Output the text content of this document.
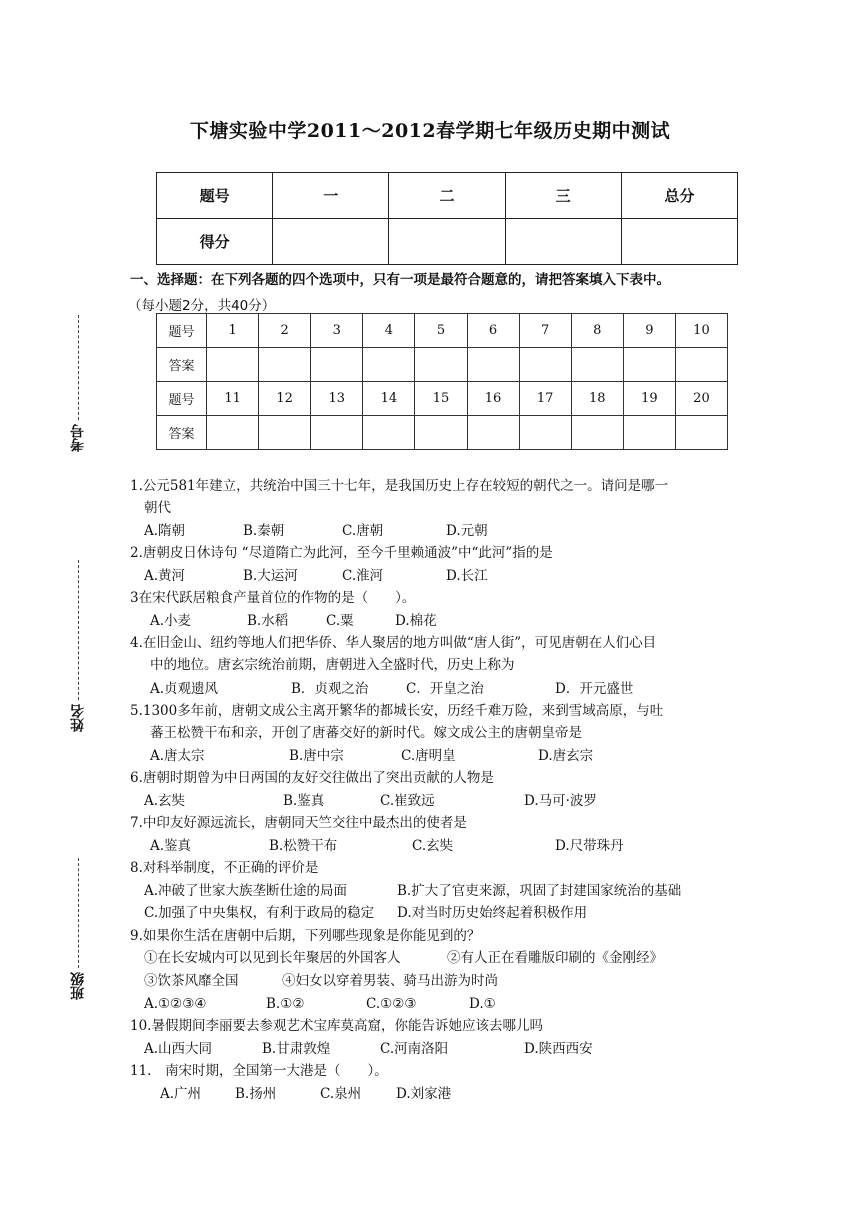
下塘实验中学2011～2012春学期七年级历史期中测试
题号	一	二	三	总分
得分				
一、选择题：在下列各题的四个选项中，只有一项是最符合题意的，请把答案填入下表中。
（每小题2分，共40分）
题号	1	2	3	4	5	6	7	8	9	10
答案										
题号	11	12	13	14	15	16	17	18	19	20
答案										
考号
姓名
班级
1.公元581年建立，共统治中国三十七年，是我国历史上存在较短的朝代之一。请问是哪一
朝代
A.隋朝	B.秦朝	C.唐朝	D.元朝
2.唐朝皮日休诗句 “尽道隋亡为此河，至今千里赖通波”中“此河”指的是
A.黄河	B.大运河	C.淮河	D.长江
3在宋代跃居粮食产量首位的作物的是（　　）。
A.小麦	B.水稻	C.粟	D.棉花
4.在旧金山、纽约等地人们把华侨、华人聚居的地方叫做“唐人街”，可见唐朝在人们心目
中的地位。唐玄宗统治前期，唐朝进入全盛时代，历史上称为
A.贞观遗风	B．贞观之治	C．开皇之治	D．开元盛世
5.1300多年前，唐朝文成公主离开繁华的都城长安，历经千难万险，来到雪域高原，与吐
蕃王松赞干布和亲，开创了唐蕃交好的新时代。嫁文成公主的唐朝皇帝是
A.唐太宗	B.唐中宗	C.唐明皇	D.唐玄宗
6.唐朝时期曾为中日两国的友好交往做出了突出贡献的人物是
A.玄奘	B.鉴真	C.崔致远	D.马可·波罗
7.中印友好源远流长，唐朝同天竺交往中最杰出的使者是
A.鉴真	B.松赞干布	C.玄奘	D.尺带珠丹
8.对科举制度，不正确的评价是
A.冲破了世家大族垄断仕途的局面	B.扩大了官吏来源，巩固了封建国家统治的基础
C.加强了中央集权，有利于政局的稳定 D.对当时历史始终起着积极作用
9.如果你生活在唐朝中后期，下列哪些现象是你能见到的？
①在长安城内可以见到长年聚居的外国客人	②有人正在看雕版印刷的《金刚经》
③饮茶风靡全国	④妇女以穿着男装、骑马出游为时尚
A.①②③④	B.①②	C.①②③	D.①
10.暑假期间李丽要去参观艺术宝库莫高窟，你能告诉她应该去哪儿吗
A.山西大同	B.甘肃敦煌	C.河南洛阳	D.陕西西安
11.　南宋时期，全国第一大港是（　　）。
A.广州	B.扬州	C.泉州	D.刘家港
